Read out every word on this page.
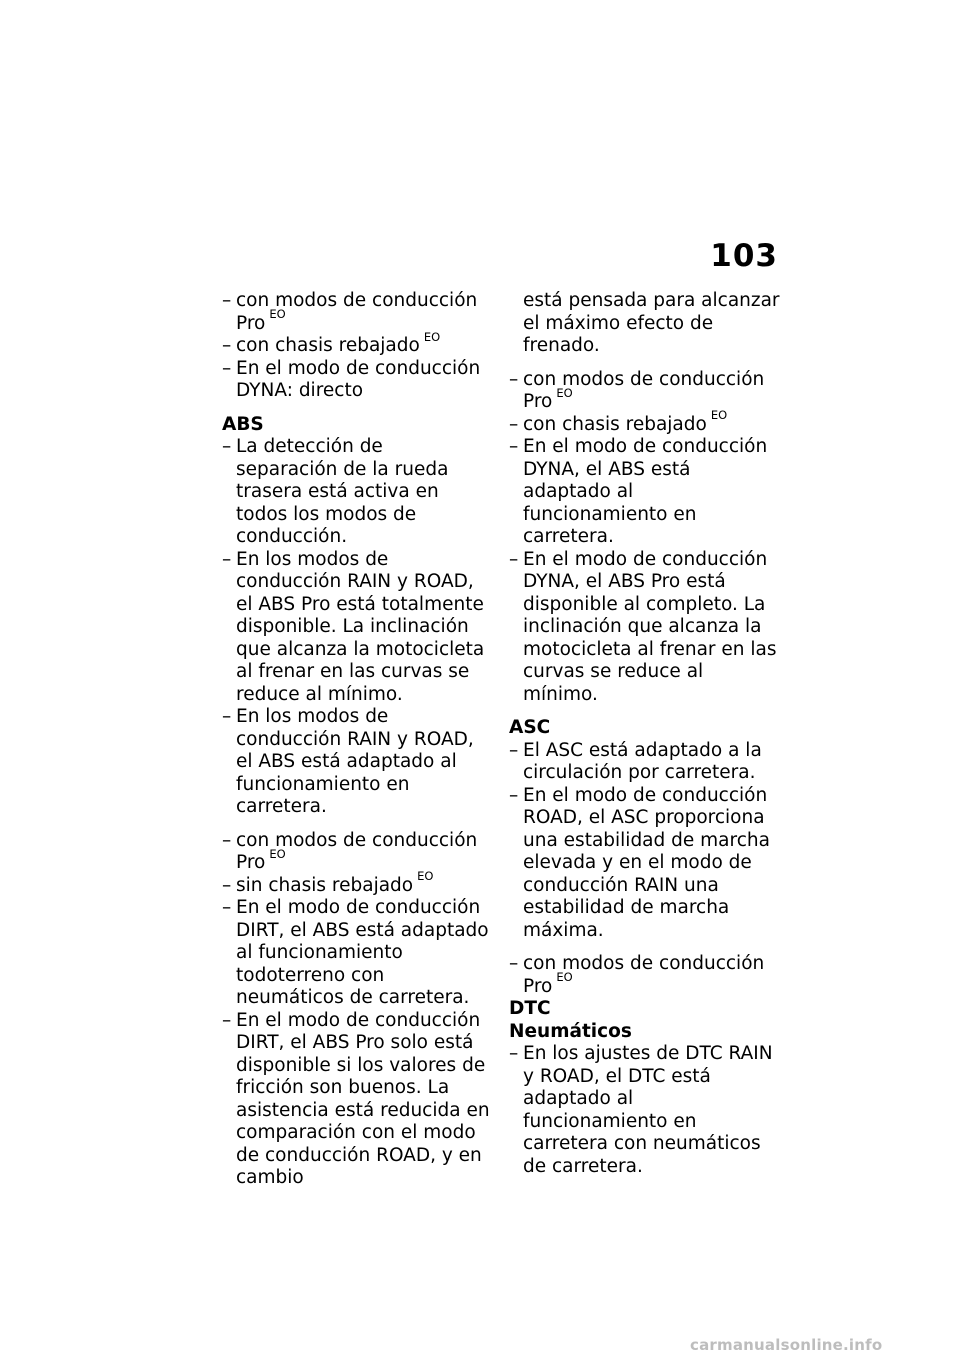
103
– con modos de conducción Pro $^{EO}$
– con chasis rebajado $^{EO}$
– En el modo de conducción DYNA: directo
ABS
– La detección de separación de la rueda trasera está activa en todos los modos de conducción.
– En los modos de conducción RAIN y ROAD, el ABS Pro está totalmente disponible. La inclinación que alcanza la motocicleta al frenar en las curvas se reduce al mínimo.
– En los modos de conducción RAIN y ROAD, el ABS está adaptado al funcionamiento en carretera.
– con modos de conducción Pro $^{EO}$
– sin chasis rebajado $^{EO}$
– En el modo de conducción DIRT, el ABS está adaptado al funcionamiento todoterreno con neumáticos de carretera.
– En el modo de conducción DIRT, el ABS Pro solo está disponible si los valores de fricción son buenos. La asistencia está reducida en comparación con el modo de conducción ROAD, y en cambio
está pensada para alcanzar el máximo efecto de frenado.
– con modos de conducción Pro $^{EO}$
– con chasis rebajado $^{EO}$
– En el modo de conducción DYNA, el ABS está adaptado al funcionamiento en carretera.
– En el modo de conducción DYNA, el ABS Pro está disponible al completo. La inclinación que alcanza la motocicleta al frenar en las curvas se reduce al mínimo.
ASC
– El ASC está adaptado a la circulación por carretera.
– En el modo de conducción ROAD, el ASC proporciona una estabilidad de marcha elevada y en el modo de conducción RAIN una estabilidad de marcha máxima.
– con modos de conducción Pro $^{EO}$
DTC
Neumáticos
– En los ajustes de DTC RAIN y ROAD, el DTC está adaptado al funcionamiento en carretera con neumáticos de carretera.
carmanualsonline.info
